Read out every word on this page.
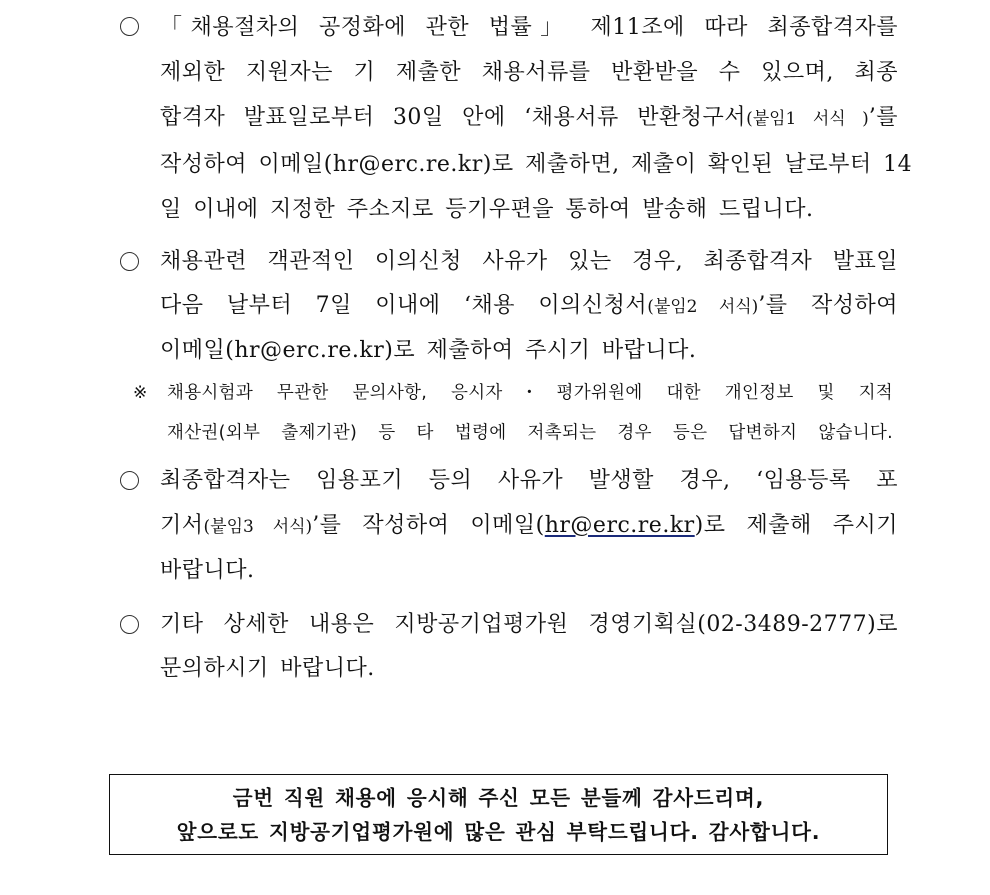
「채용절차의 공정화에 관한 법률」 제11조에 따라 최종합격자를
제외한 지원자는 기 제출한 채용서류를 반환받을 수 있으며, 최종
합격자 발표일로부터 30일 안에 ‘채용서류 반환청구서(붙임1 서식 )’를
작성하여 이메일(hr@erc.re.kr)로 제출하면, 제출이 확인된 날로부터 14
일 이내에 지정한 주소지로 등기우편을 통하여 발송해 드립니다.
채용관련 객관적인 이의신청 사유가 있는 경우, 최종합격자 발표일
다음 날부터 7일 이내에 ‘채용 이의신청서(붙임2 서식)’를 작성하여
이메일(hr@erc.re.kr)로 제출하여 주시기 바랍니다.
※ 채용시험과 무관한 문의사항, 응시자・평가위원에 대한 개인정보 및 지적
재산권(외부 출제기관) 등 타 법령에 저촉되는 경우 등은 답변하지 않습니다.
최종합격자는 임용포기 등의 사유가 발생할 경우, ‘임용등록 포
기서(붙임3 서식)’를 작성하여 이메일(hr@erc.re.kr)로 제출해 주시기
바랍니다.
기타 상세한 내용은 지방공기업평가원 경영기획실(02-3489-2777)로
문의하시기 바랍니다.
금번 직원 채용에 응시해 주신 모든 분들께 감사드리며,
앞으로도 지방공기업평가원에 많은 관심 부탁드립니다. 감사합니다.
